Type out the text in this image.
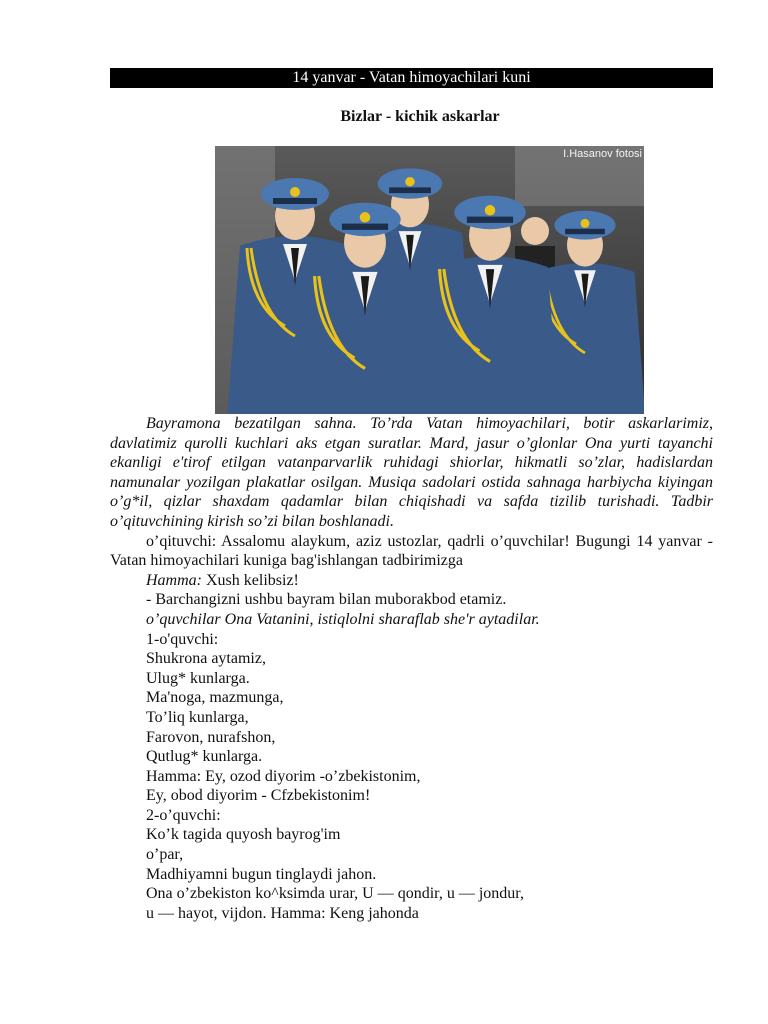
14 yanvar - Vatan himoyachilari kuni
Bizlar - kichik askarlar
I.Hasanov fotosi

Bayramona bezatilgan sahna. To’rda Vatan himoyachilari, botir askarlarimiz, davlatimiz qurolli kuchlari aks etgan suratlar. Mard, jasur o’glonlar Ona yurti tayanchi ekanligi e'tirof etilgan vatanparvarlik ruhidagi shiorlar, hikmatli so’zlar, hadislardan namunalar yozilgan plakatlar osilgan. Musiqa sadolari ostida sahnaga harbiycha kiyingan o’g*il, qizlar shaxdam qadamlar bilan chiqishadi va safda tizilib turishadi. Tadbir o’qituvchining kirish so’zi bilan boshlanadi.

o’qituvchi: Assalomu alaykum, aziz ustozlar, qadrli o’quvchilar! Bugungi 14 yanvar - Vatan himoyachilari kuniga bag'ishlangan tadbirimizga

Hamma: Xush kelibsiz!

- Barchangizni ushbu bayram bilan muborakbod etamiz.

o’quvchilar Ona Vatanini, istiqlolni sharaflab she'r aytadilar.

1-o'quvchi:

Shukrona aytamiz,

Ulug* kunlarga.

Ma'noga, mazmunga,

To’liq kunlarga,

Farovon, nurafshon,

Qutlug* kunlarga.

Hamma: Ey, ozod diyorim -o’zbekistonim,

Ey, obod diyorim - Cfzbekistonim!

2-o’quvchi:

Ko’k tagida quyosh bayrog'im

o’par,

Madhiyamni bugun tinglaydi jahon.

Ona o’zbekiston ko^ksimda urar, U — qondir, u — jondur,

u — hayot, vijdon. Hamma: Keng jahonda
